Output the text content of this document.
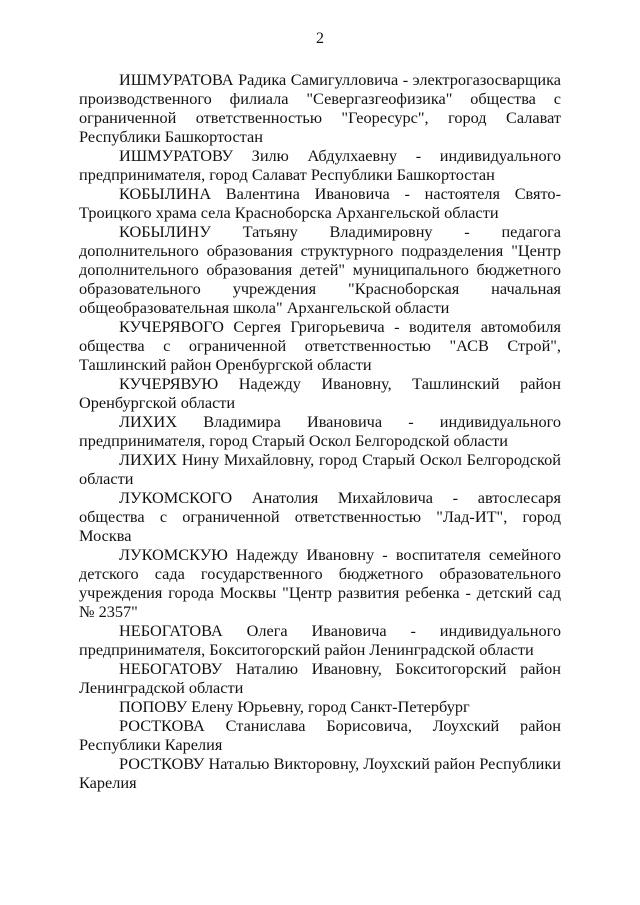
2

ИШМУРАТОВА Радика Самигулловича - электрогазосварщика производственного филиала "Севергазгеофизика" общества с ограниченной ответственностью "Георесурс", город Салават Республики Башкортостан

ИШМУРАТОВУ Зилю Абдулхаевну - индивидуального предпринимателя, город Салават Республики Башкортостан

КОБЫЛИНА Валентина Ивановича - настоятеля Свято-Троицкого храма села Красноборска Архангельской области

КОБЫЛИНУ Татьяну Владимировну - педагога дополнительного образования структурного подразделения "Центр дополнительного образования детей" муниципального бюджетного образовательного учреждения "Красноборская начальная общеобразовательная школа" Архангельской области

КУЧЕРЯВОГО Сергея Григорьевича - водителя автомобиля общества с ограниченной ответственностью "АСВ Строй", Ташлинский район Оренбургской области

КУЧЕРЯВУЮ Надежду Ивановну, Ташлинский район Оренбургской области

ЛИХИХ Владимира Ивановича - индивидуального предпринимателя, город Старый Оскол Белгородской области

ЛИХИХ Нину Михайловну, город Старый Оскол Белгородской области

ЛУКОМСКОГО Анатолия Михайловича - автослесаря общества с ограниченной ответственностью "Лад-ИТ", город Москва

ЛУКОМСКУЮ Надежду Ивановну - воспитателя семейного детского сада государственного бюджетного образовательного учреждения города Москвы "Центр развития ребенка - детский сад № 2357"

НЕБОГАТОВА Олега Ивановича - индивидуального предпринимателя, Бокситогорский район Ленинградской области

НЕБОГАТОВУ Наталию Ивановну, Бокситогорский район Ленинградской области

ПОПОВУ Елену Юрьевну, город Санкт-Петербург

РОСТКОВА Станислава Борисовича, Лоухский район Республики Карелия

РОСТКОВУ Наталью Викторовну, Лоухский район Республики Карелия
